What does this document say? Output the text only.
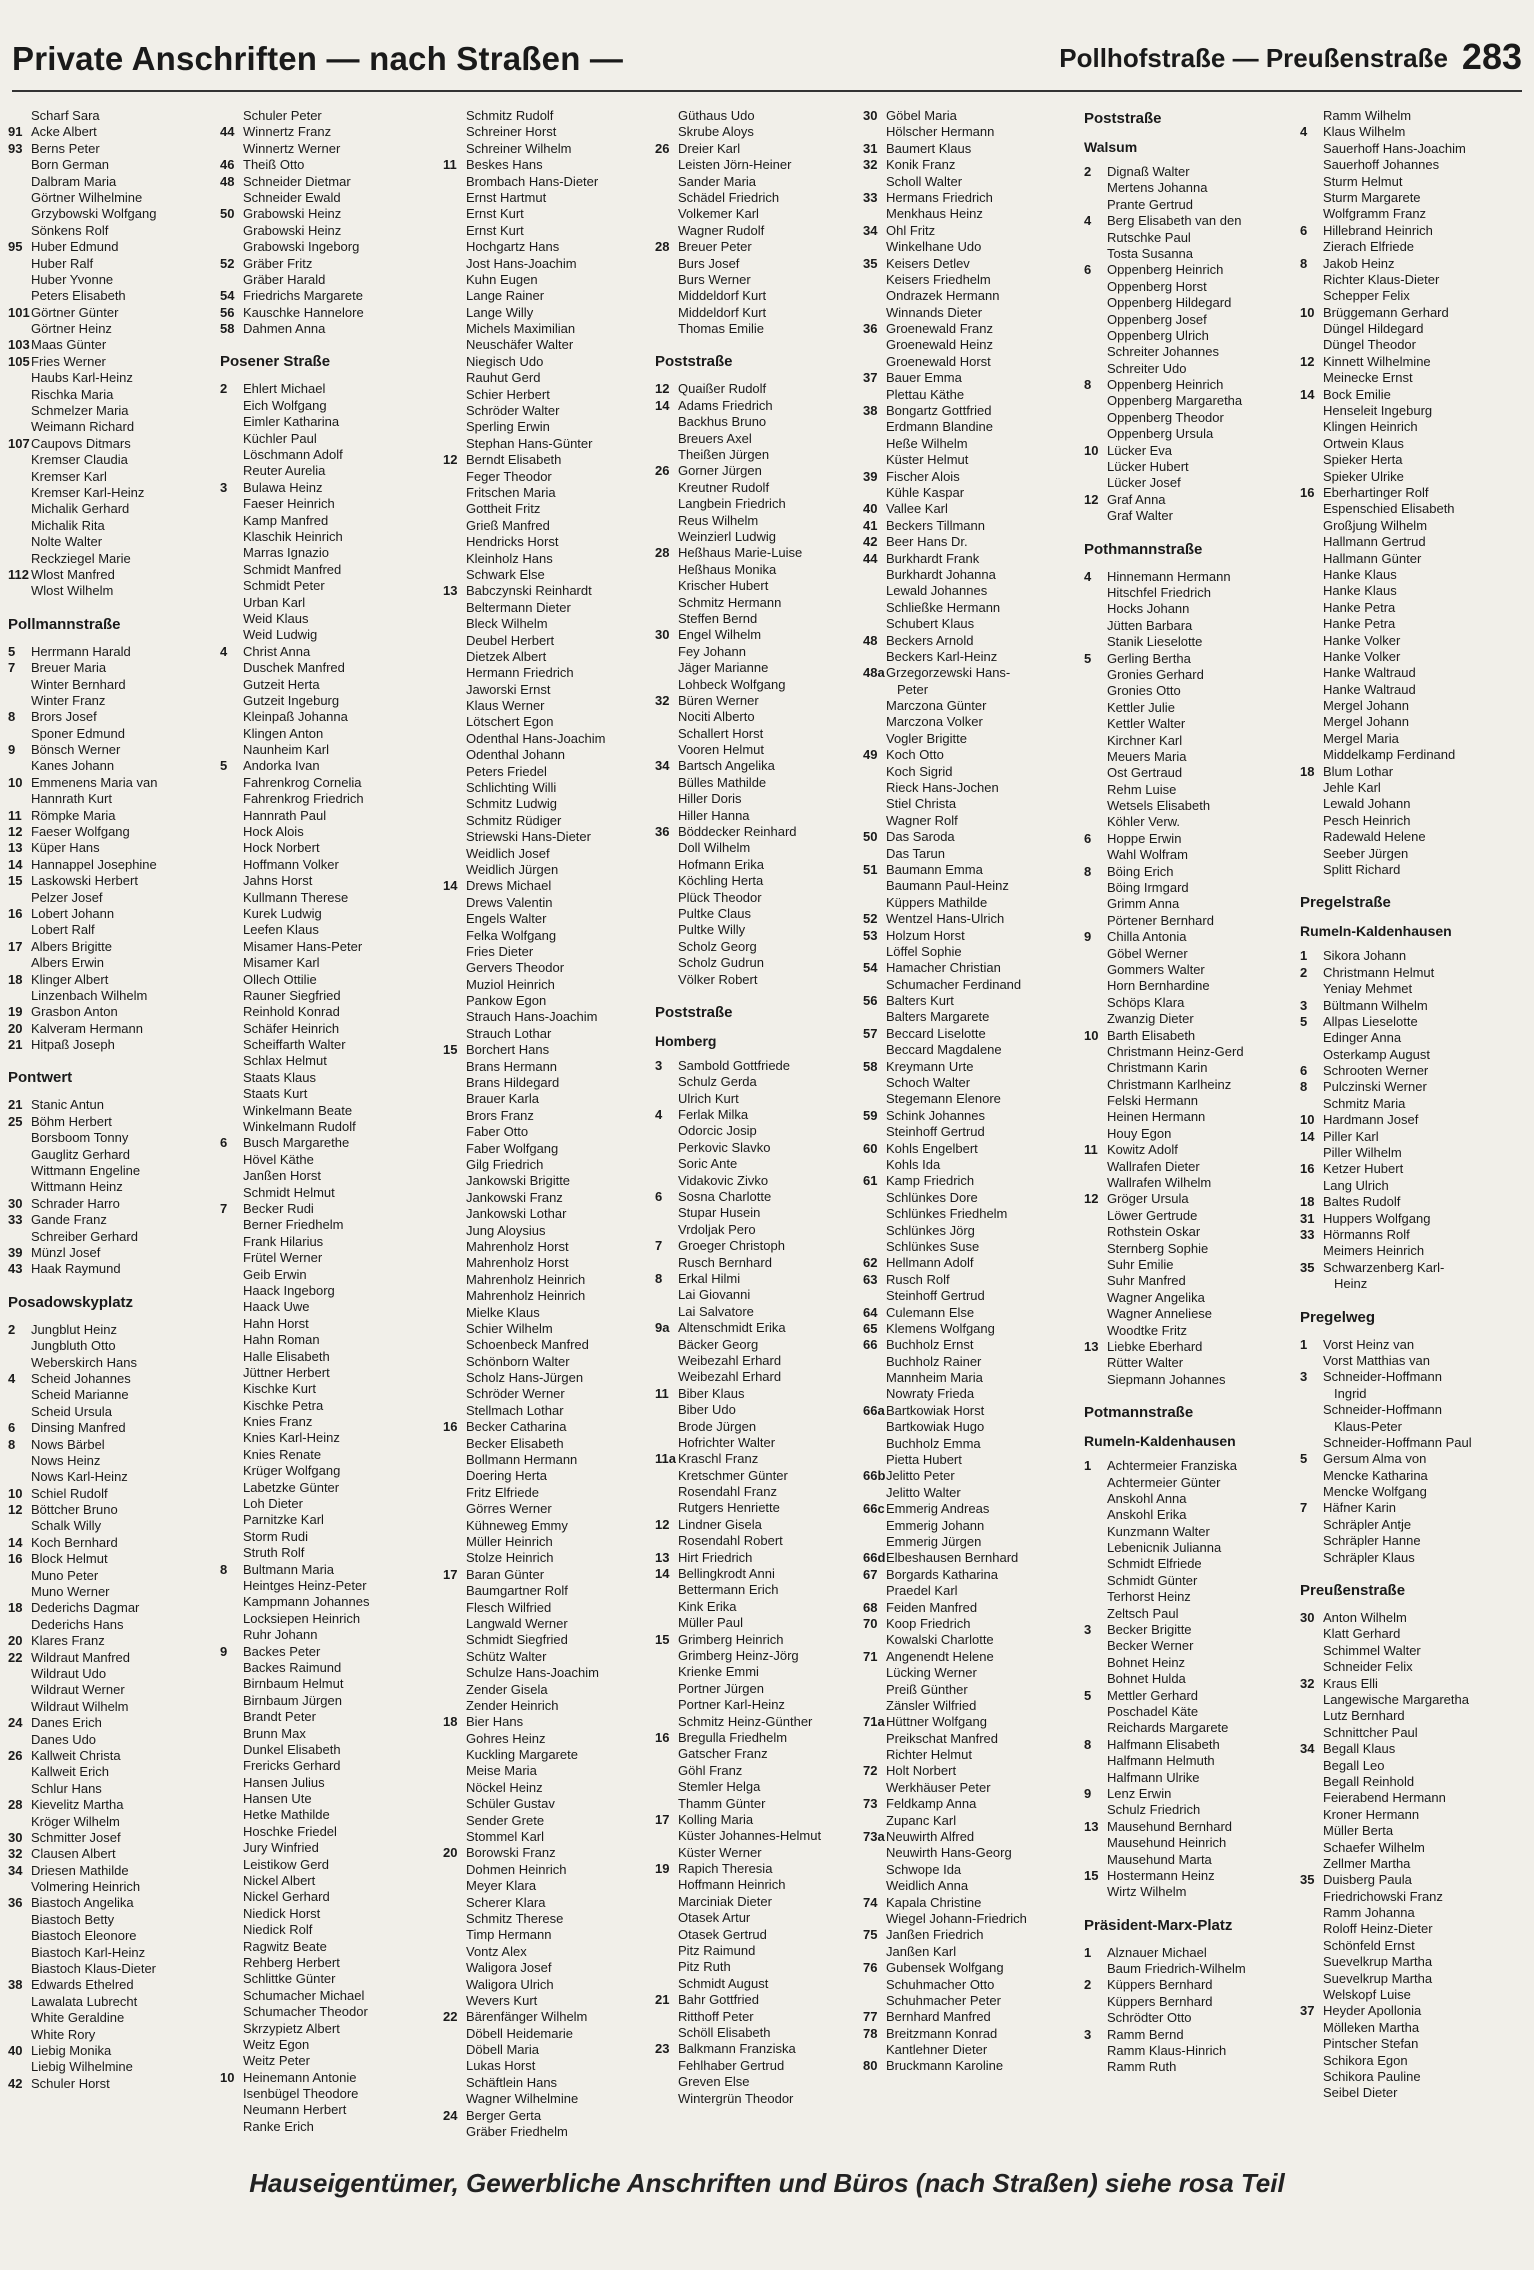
Private Anschriften — nach Straßen —	Pollhofstraße — Preußenstraße 283
Scharf Sara
91 Acke Albert
93 Berns Peter
Born German
Dalbram Maria
Görtner Wilhelmine
Grzybowski Wolfgang
Sönkens Rolf
95 Huber Edmund
Huber Ralf
Huber Yvonne
Peters Elisabeth
101 Görtner Günter
Görtner Heinz
103 Maas Günter
105 Fries Werner
Haubs Karl-Heinz
Rischka Maria
Schmelzer Maria
Weimann Richard
107 Caupovs Ditmars
Kremser Claudia
Kremser Karl
Kremser Karl-Heinz
Michalik Gerhard
Michalik Rita
Nolte Walter
Reckziegel Marie
112 Wlost Manfred
Wlost Wilhelm
Pollmannstraße
5 Herrmann Harald
7 Breuer Maria
Winter Bernhard
Winter Franz
8 Brors Josef
Sponer Edmund
9 Bönsch Werner
Kanes Johann
10 Emmenens Maria van
Hannrath Kurt
11 Römpke Maria
12 Faeser Wolfgang
13 Küper Hans
14 Hannappel Josephine
15 Laskowski Herbert
Pelzer Josef
16 Lobert Johann
Lobert Ralf
17 Albers Brigitte
Albers Erwin
18 Klinger Albert
Linzenbach Wilhelm
19 Grasbon Anton
20 Kalveram Hermann
21 Hitpaß Joseph
Pontwert
21 Stanic Antun
25 Böhm Herbert
Borsboom Tonny
Gauglitz Gerhard
Wittmann Engeline
Wittmann Heinz
30 Schrader Harro
33 Gande Franz
Schreiber Gerhard
39 Münzl Josef
43 Haak Raymund
Posadowskyplatz
2 Jungblut Heinz
Jungbluth Otto
Weberskirch Hans
4 Scheid Johannes
Scheid Marianne
Scheid Ursula
6 Dinsing Manfred
8 Nows Bärbel
Nows Heinz
Nows Karl-Heinz
10 Schiel Rudolf
12 Böttcher Bruno
Schalk Willy
14 Koch Bernhard
16 Block Helmut
Muno Peter
Muno Werner
18 Dederichs Dagmar
Dederichs Hans
20 Klares Franz
22 Wildraut Manfred
Wildraut Udo
Wildraut Werner
Wildraut Wilhelm
24 Danes Erich
Danes Udo
26 Kallweit Christa
Kallweit Erich
Schlur Hans
28 Kievelitz Martha
Kröger Wilhelm
30 Schmitter Josef
32 Clausen Albert
34 Driesen Mathilde
Volmering Heinrich
36 Biastoch Angelika
Biastoch Betty
Biastoch Eleonore
Biastoch Karl-Heinz
Biastoch Klaus-Dieter
38 Edwards Ethelred
Lawalata Lubrecht
White Geraldine
White Rory
40 Liebig Monika
Liebig Wilhelmine
42 Schuler Horst
Schuler Peter
44 Winnertz Franz
Winnertz Werner
46 Theiß Otto
48 Schneider Dietmar
Schneider Ewald
50 Grabowski Heinz
Grabowski Heinz
Grabowski Ingeborg
52 Gräber Fritz
Gräber Harald
54 Friedrichs Margarete
56 Kauschke Hannelore
58 Dahmen Anna
Posener Straße
2 Ehlert Michael
Eich Wolfgang
Eimler Katharina
Küchler Paul
Löschmann Adolf
Reuter Aurelia
3 Bulawa Heinz
Faeser Heinrich
Kamp Manfred
Klaschik Heinrich
Marras Ignazio
Schmidt Manfred
Schmidt Peter
Urban Karl
Weid Klaus
Weid Ludwig
4 Christ Anna
Duschek Manfred
Gutzeit Herta
Gutzeit Ingeburg
Kleinpaß Johanna
Klingen Anton
Naunheim Karl
5 Andorka Ivan
Fahrenkrog Cornelia
Fahrenkrog Friedrich
Hannrath Paul
Hock Alois
Hock Norbert
Hoffmann Volker
Jahns Horst
Kullmann Therese
Kurek Ludwig
Leefen Klaus
Misamer Hans-Peter
Misamer Karl
Ollech Ottilie
Rauner Siegfried
Reinhold Konrad
Schäfer Heinrich
Scheiffarth Walter
Schlax Helmut
Staats Klaus
Staats Kurt
Winkelmann Beate
Winkelmann Rudolf
6 Busch Margarethe
Hövel Käthe
Janßen Horst
Schmidt Helmut
7 Becker Rudi
Berner Friedhelm
Frank Hilarius
Frütel Werner
Geib Erwin
Haack Ingeborg
Haack Uwe
Hahn Horst
Hahn Roman
Halle Elisabeth
Jüttner Herbert
Kischke Kurt
Kischke Petra
Knies Franz
Knies Karl-Heinz
Knies Renate
Krüger Wolfgang
Labetzke Günter
Loh Dieter
Parnitzke Karl
Storm Rudi
Struth Rolf
8 Bultmann Maria
Heintges Heinz-Peter
Kampmann Johannes
Locksiepen Heinrich
Ruhr Johann
9 Backes Peter
Backes Raimund
Birnbaum Helmut
Birnbaum Jürgen
Brandt Peter
Brunn Max
Dunkel Elisabeth
Frericks Gerhard
Hansen Julius
Hansen Ute
Hetke Mathilde
Hoschke Friedel
Jury Winfried
Leistikow Gerd
Nickel Albert
Nickel Gerhard
Niedick Horst
Niedick Rolf
Ragwitz Beate
Rehberg Herbert
Schlittke Günter
Schumacher Michael
Schumacher Theodor
Skrzypietz Albert
Weitz Egon
Weitz Peter
10 Heinemann Antonie
Isenbügel Theodore
Neumann Herbert
Ranke Erich
Schmitz Rudolf
Schreiner Horst
Schreiner Wilhelm
11 Beskes Hans
Brombach Hans-Dieter
Ernst Hartmut
Ernst Kurt
Ernst Kurt
Hochgartz Hans
Jost Hans-Joachim
Kuhn Eugen
Lange Rainer
Lange Willy
Michels Maximilian
Neuschäfer Walter
Niegisch Udo
Rauhut Gerd
Schier Herbert
Schröder Walter
Sperling Erwin
Stephan Hans-Günter
12 Berndt Elisabeth
Feger Theodor
Fritschen Maria
Gottheit Fritz
Grieß Manfred
Hendricks Horst
Kleinholz Hans
Schwark Else
13 Babczynski Reinhardt
Beltermann Dieter
Bleck Wilhelm
Deubel Herbert
Dietzek Albert
Hermann Friedrich
Jaworski Ernst
Klaus Werner
Lötschert Egon
Odenthal Hans-Joachim
Odenthal Johann
Peters Friedel
Schlichting Willi
Schmitz Ludwig
Schmitz Rüdiger
Striewski Hans-Dieter
Weidlich Josef
Weidlich Jürgen
14 Drews Michael
Drews Valentin
Engels Walter
Felka Wolfgang
Fries Dieter
Gervers Theodor
Muziol Heinrich
Pankow Egon
Strauch Hans-Joachim
Strauch Lothar
15 Borchert Hans
Brans Hermann
Brans Hildegard
Brauer Karla
Brors Franz
Faber Otto
Faber Wolfgang
Gilg Friedrich
Jankowski Brigitte
Jankowski Franz
Jankowski Lothar
Jung Aloysius
Mahrenholz Horst
Mahrenholz Horst
Mahrenholz Heinrich
Mahrenholz Heinrich
Mielke Klaus
Schier Wilhelm
Schoenbeck Manfred
Schönborn Walter
Scholz Hans-Jürgen
Schröder Werner
Stellmach Lothar
16 Becker Catharina
Becker Elisabeth
Bollmann Hermann
Doering Herta
Fritz Elfriede
Görres Werner
Kühneweg Emmy
Müller Heinrich
Stolze Heinrich
17 Baran Günter
Baumgartner Rolf
Flesch Wilfried
Langwald Werner
Schmidt Siegfried
Schütz Walter
Schulze Hans-Joachim
Zender Gisela
Zender Heinrich
18 Bier Hans
Gohres Heinz
Kuckling Margarete
Meise Maria
Nöckel Heinz
Schüler Gustav
Sender Grete
Stommel Karl
20 Borowski Franz
Dohmen Heinrich
Meyer Klara
Scherer Klara
Schmitz Therese
Timp Hermann
Vontz Alex
Waligora Josef
Waligora Ulrich
Wevers Kurt
22 Bärenfänger Wilhelm
Döbell Heidemarie
Döbell Maria
Lukas Horst
Schäftlein Hans
Wagner Wilhelmine
24 Berger Gerta
Gräber Friedhelm
Güthaus Udo
Skrube Aloys
26 Dreier Karl
Leisten Jörn-Heiner
Sander Maria
Schädel Friedrich
Volkemer Karl
Wagner Rudolf
28 Breuer Peter
Burs Josef
Burs Werner
Middeldorf Kurt
Middeldorf Kurt
Thomas Emilie
Poststraße
12 Quaißer Rudolf
14 Adams Friedrich
Backhus Bruno
Breuers Axel
Theißen Jürgen
26 Gorner Jürgen
Kreutner Rudolf
Langbein Friedrich
Reus Wilhelm
Weinzierl Ludwig
28 Heßhaus Marie-Luise
Heßhaus Monika
Krischer Hubert
Schmitz Hermann
Steffen Bernd
30 Engel Wilhelm
Fey Johann
Jäger Marianne
Lohbeck Wolfgang
32 Büren Werner
Nociti Alberto
Schallert Horst
Vooren Helmut
34 Bartsch Angelika
Bülles Mathilde
Hiller Doris
Hiller Hanna
36 Böddecker Reinhard
Doll Wilhelm
Hofmann Erika
Köchling Herta
Plück Theodor
Pultke Claus
Pultke Willy
Scholz Georg
Scholz Gudrun
Völker Robert
Poststraße
Homberg
3 Sambold Gottfriede
Schulz Gerda
Ulrich Kurt
4 Ferlak Milka
Odorcic Josip
Perkovic Slavko
Soric Ante
Vidakovic Zivko
6 Sosna Charlotte
Stupar Husein
Vrdoljak Pero
7 Groeger Christoph
Rusch Bernhard
8 Erkal Hilmi
Lai Giovanni
Lai Salvatore
9a Altenschmidt Erika
Bäcker Georg
Weibezahl Erhard
Weibezahl Erhard
11 Biber Klaus
Biber Udo
Brode Jürgen
Hofrichter Walter
11a Kraschl Franz
Kretschmer Günter
Rosendahl Franz
Rutgers Henriette
12 Lindner Gisela
Rosendahl Robert
13 Hirt Friedrich
14 Bellingkrodt Anni
Bettermann Erich
Kink Erika
Müller Paul
15 Grimberg Heinrich
Grimberg Heinz-Jörg
Krienke Emmi
Portner Jürgen
Portner Karl-Heinz
Schmitz Heinz-Günther
16 Bregulla Friedhelm
Gatscher Franz
Göhl Franz
Stemler Helga
Thamm Günter
17 Kolling Maria
Küster Johannes-Helmut
Küster Werner
19 Rapich Theresia
Hoffmann Heinrich
Marciniak Dieter
Otasek Artur
Otasek Gertrud
Pitz Raimund
Pitz Ruth
Schmidt August
21 Bahr Gottfried
Ritthoff Peter
Schöll Elisabeth
23 Balkmann Franziska
Fehlhaber Gertrud
Greven Else
Wintergrün Theodor
30 Göbel Maria
Hölscher Hermann
31 Baumert Klaus
32 Konik Franz
Scholl Walter
33 Hermans Friedrich
Menkhaus Heinz
34 Ohl Fritz
Winkelhane Udo
35 Keisers Detlev
Keisers Friedhelm
Ondrazek Hermann
Winnands Dieter
36 Groenewald Franz
Groenewald Heinz
Groenewald Horst
37 Bauer Emma
Plettau Käthe
38 Bongartz Gottfried
Erdmann Blandine
Heße Wilhelm
Küster Helmut
39 Fischer Alois
Kühle Kaspar
40 Vallee Karl
41 Beckers Tillmann
42 Beer Hans Dr.
44 Burkhardt Frank
Burkhardt Johanna
Lewald Johannes
Schließke Hermann
Schubert Klaus
48 Beckers Arnold
Beckers Karl-Heinz
48a Grzegorzewski Hans-
Peter
Marczona Günter
Marczona Volker
Vogler Brigitte
49 Koch Otto
Koch Sigrid
Rieck Hans-Jochen
Stiel Christa
Wagner Rolf
50 Das Saroda
Das Tarun
51 Baumann Emma
Baumann Paul-Heinz
Küppers Mathilde
52 Wentzel Hans-Ulrich
53 Holzum Horst
Löffel Sophie
54 Hamacher Christian
Schumacher Ferdinand
56 Balters Kurt
Balters Margarete
57 Beccard Liselotte
Beccard Magdalene
58 Kreymann Urte
Schoch Walter
Stegemann Elenore
59 Schink Johannes
Steinhoff Gertrud
60 Kohls Engelbert
Kohls Ida
61 Kamp Friedrich
Schlünkes Dore
Schlünkes Friedhelm
Schlünkes Jörg
Schlünkes Suse
62 Hellmann Adolf
63 Rusch Rolf
Steinhoff Gertrud
64 Culemann Else
65 Klemens Wolfgang
66 Buchholz Ernst
Buchholz Rainer
Mannheim Maria
Nowraty Frieda
66a Bartkowiak Horst
Bartkowiak Hugo
Buchholz Emma
Pietta Hubert
66b Jelitto Peter
Jelitto Walter
66c Emmerig Andreas
Emmerig Johann
Emmerig Jürgen
66d Elbeshausen Bernhard
67 Borgards Katharina
Praedel Karl
68 Feiden Manfred
70 Koop Friedrich
Kowalski Charlotte
71 Angenendt Helene
Lücking Werner
Preiß Günther
Zänsler Wilfried
71a Hüttner Wolfgang
Preikschat Manfred
Richter Helmut
72 Holt Norbert
Werkhäuser Peter
73 Feldkamp Anna
Zupanc Karl
73a Neuwirth Alfred
Neuwirth Hans-Georg
Schwope Ida
Weidlich Anna
74 Kapala Christine
Wiegel Johann-Friedrich
75 Janßen Friedrich
Janßen Karl
76 Gubensek Wolfgang
Schuhmacher Otto
Schuhmacher Peter
77 Bernhard Manfred
78 Breitzmann Konrad
Kantlehner Dieter
80 Bruckmann Karoline
Poststraße
Walsum
2 Dignaß Walter
Mertens Johanna
Prante Gertrud
4 Berg Elisabeth van den
Rutschke Paul
Tosta Susanna
6 Oppenberg Heinrich
Oppenberg Horst
Oppenberg Hildegard
Oppenberg Josef
Oppenberg Ulrich
Schreiter Johannes
Schreiter Udo
8 Oppenberg Heinrich
Oppenberg Margaretha
Oppenberg Theodor
Oppenberg Ursula
10 Lücker Eva
Lücker Hubert
Lücker Josef
12 Graf Anna
Graf Walter
Pothmannstraße
4 Hinnemann Hermann
Hitschfel Friedrich
Hocks Johann
Jütten Barbara
Stanik Lieselotte
5 Gerling Bertha
Gronies Gerhard
Gronies Otto
Kettler Julie
Kettler Walter
Kirchner Karl
Meuers Maria
Ost Gertraud
Rehm Luise
Wetsels Elisabeth
Köhler Verw.
6 Hoppe Erwin
Wahl Wolfram
8 Böing Erich
Böing Irmgard
Grimm Anna
Pörtener Bernhard
9 Chilla Antonia
Göbel Werner
Gommers Walter
Horn Bernhardine
Schöps Klara
Zwanzig Dieter
10 Barth Elisabeth
Christmann Heinz-Gerd
Christmann Karin
Christmann Karlheinz
Felski Hermann
Heinen Hermann
Houy Egon
11 Kowitz Adolf
Wallrafen Dieter
Wallrafen Wilhelm
12 Gröger Ursula
Löwer Gertrude
Rothstein Oskar
Sternberg Sophie
Suhr Emilie
Suhr Manfred
Wagner Angelika
Wagner Anneliese
Woodtke Fritz
13 Liebke Eberhard
Rütter Walter
Siepmann Johannes
Potmannstraße
Rumeln-Kaldenhausen
1 Achtermeier Franziska
Achtermeier Günter
Anskohl Anna
Anskohl Erika
Kunzmann Walter
Lebenicnik Julianna
Schmidt Elfriede
Schmidt Günter
Terhorst Heinz
Zeltsch Paul
3 Becker Brigitte
Becker Werner
Bohnet Heinz
Bohnet Hulda
5 Mettler Gerhard
Poschadel Käte
Reichards Margarete
8 Halfmann Elisabeth
Halfmann Helmuth
Halfmann Ulrike
9 Lenz Erwin
Schulz Friedrich
13 Mausehund Bernhard
Mausehund Heinrich
Mausehund Marta
15 Hostermann Heinz
Wirtz Wilhelm
Präsident-Marx-Platz
1 Alznauer Michael
Baum Friedrich-Wilhelm
2 Küppers Bernhard
Küppers Bernhard
Schrödter Otto
3 Ramm Bernd
Ramm Klaus-Hinrich
Ramm Ruth
Ramm Wilhelm
4 Klaus Wilhelm
Sauerhoff Hans-Joachim
Sauerhoff Johannes
Sturm Helmut
Sturm Margarete
Wolfgramm Franz
6 Hillebrand Heinrich
Zierach Elfriede
8 Jakob Heinz
Richter Klaus-Dieter
Schepper Felix
10 Brüggemann Gerhard
Düngel Hildegard
Düngel Theodor
12 Kinnett Wilhelmine
Meinecke Ernst
14 Bock Emilie
Henseleit Ingeburg
Klingen Heinrich
Ortwein Klaus
Spieker Herta
Spieker Ulrike
16 Eberhartinger Rolf
Espenschied Elisabeth
Großjung Wilhelm
Hallmann Gertrud
Hallmann Günter
Hanke Klaus
Hanke Klaus
Hanke Petra
Hanke Petra
Hanke Volker
Hanke Volker
Hanke Waltraud
Hanke Waltraud
Mergel Johann
Mergel Johann
Mergel Maria
Middelkamp Ferdinand
18 Blum Lothar
Jehle Karl
Lewald Johann
Pesch Heinrich
Radewald Helene
Seeber Jürgen
Splitt Richard
Pregelstraße
Rumeln-Kaldenhausen
1 Sikora Johann
2 Christmann Helmut
Yeniay Mehmet
3 Bültmann Wilhelm
5 Allpas Lieselotte
Edinger Anna
Osterkamp August
6 Schrooten Werner
8 Pulczinski Werner
Schmitz Maria
10 Hardmann Josef
14 Piller Karl
Piller Wilhelm
16 Ketzer Hubert
Lang Ulrich
18 Baltes Rudolf
31 Huppers Wolfgang
33 Hörmanns Rolf
Meimers Heinrich
35 Schwarzenberg Karl-
Heinz
Pregelweg
1 Vorst Heinz van
Vorst Matthias van
3 Schneider-Hoffmann
Ingrid
Schneider-Hoffmann
Klaus-Peter
Schneider-Hoffmann Paul
5 Gersum Alma von
Mencke Katharina
Mencke Wolfgang
7 Häfner Karin
Schräpler Antje
Schräpler Hanne
Schräpler Klaus
Preußenstraße
30 Anton Wilhelm
Klatt Gerhard
Schimmel Walter
Schneider Felix
32 Kraus Elli
Langewische Margaretha
Lutz Bernhard
Schnittcher Paul
34 Begall Klaus
Begall Leo
Begall Reinhold
Feierabend Hermann
Kroner Hermann
Müller Berta
Schaefer Wilhelm
Zellmer Martha
35 Duisberg Paula
Friedrichowski Franz
Ramm Johanna
Roloff Heinz-Dieter
Schönfeld Ernst
Suevelkrup Martha
Suevelkrup Martha
Welskopf Luise
37 Heyder Apollonia
Mölleken Martha
Pintscher Stefan
Schikora Egon
Schikora Pauline
Seibel Dieter
Hauseigentümer, Gewerbliche Anschriften und Büros (nach Straßen) siehe rosa Teil
